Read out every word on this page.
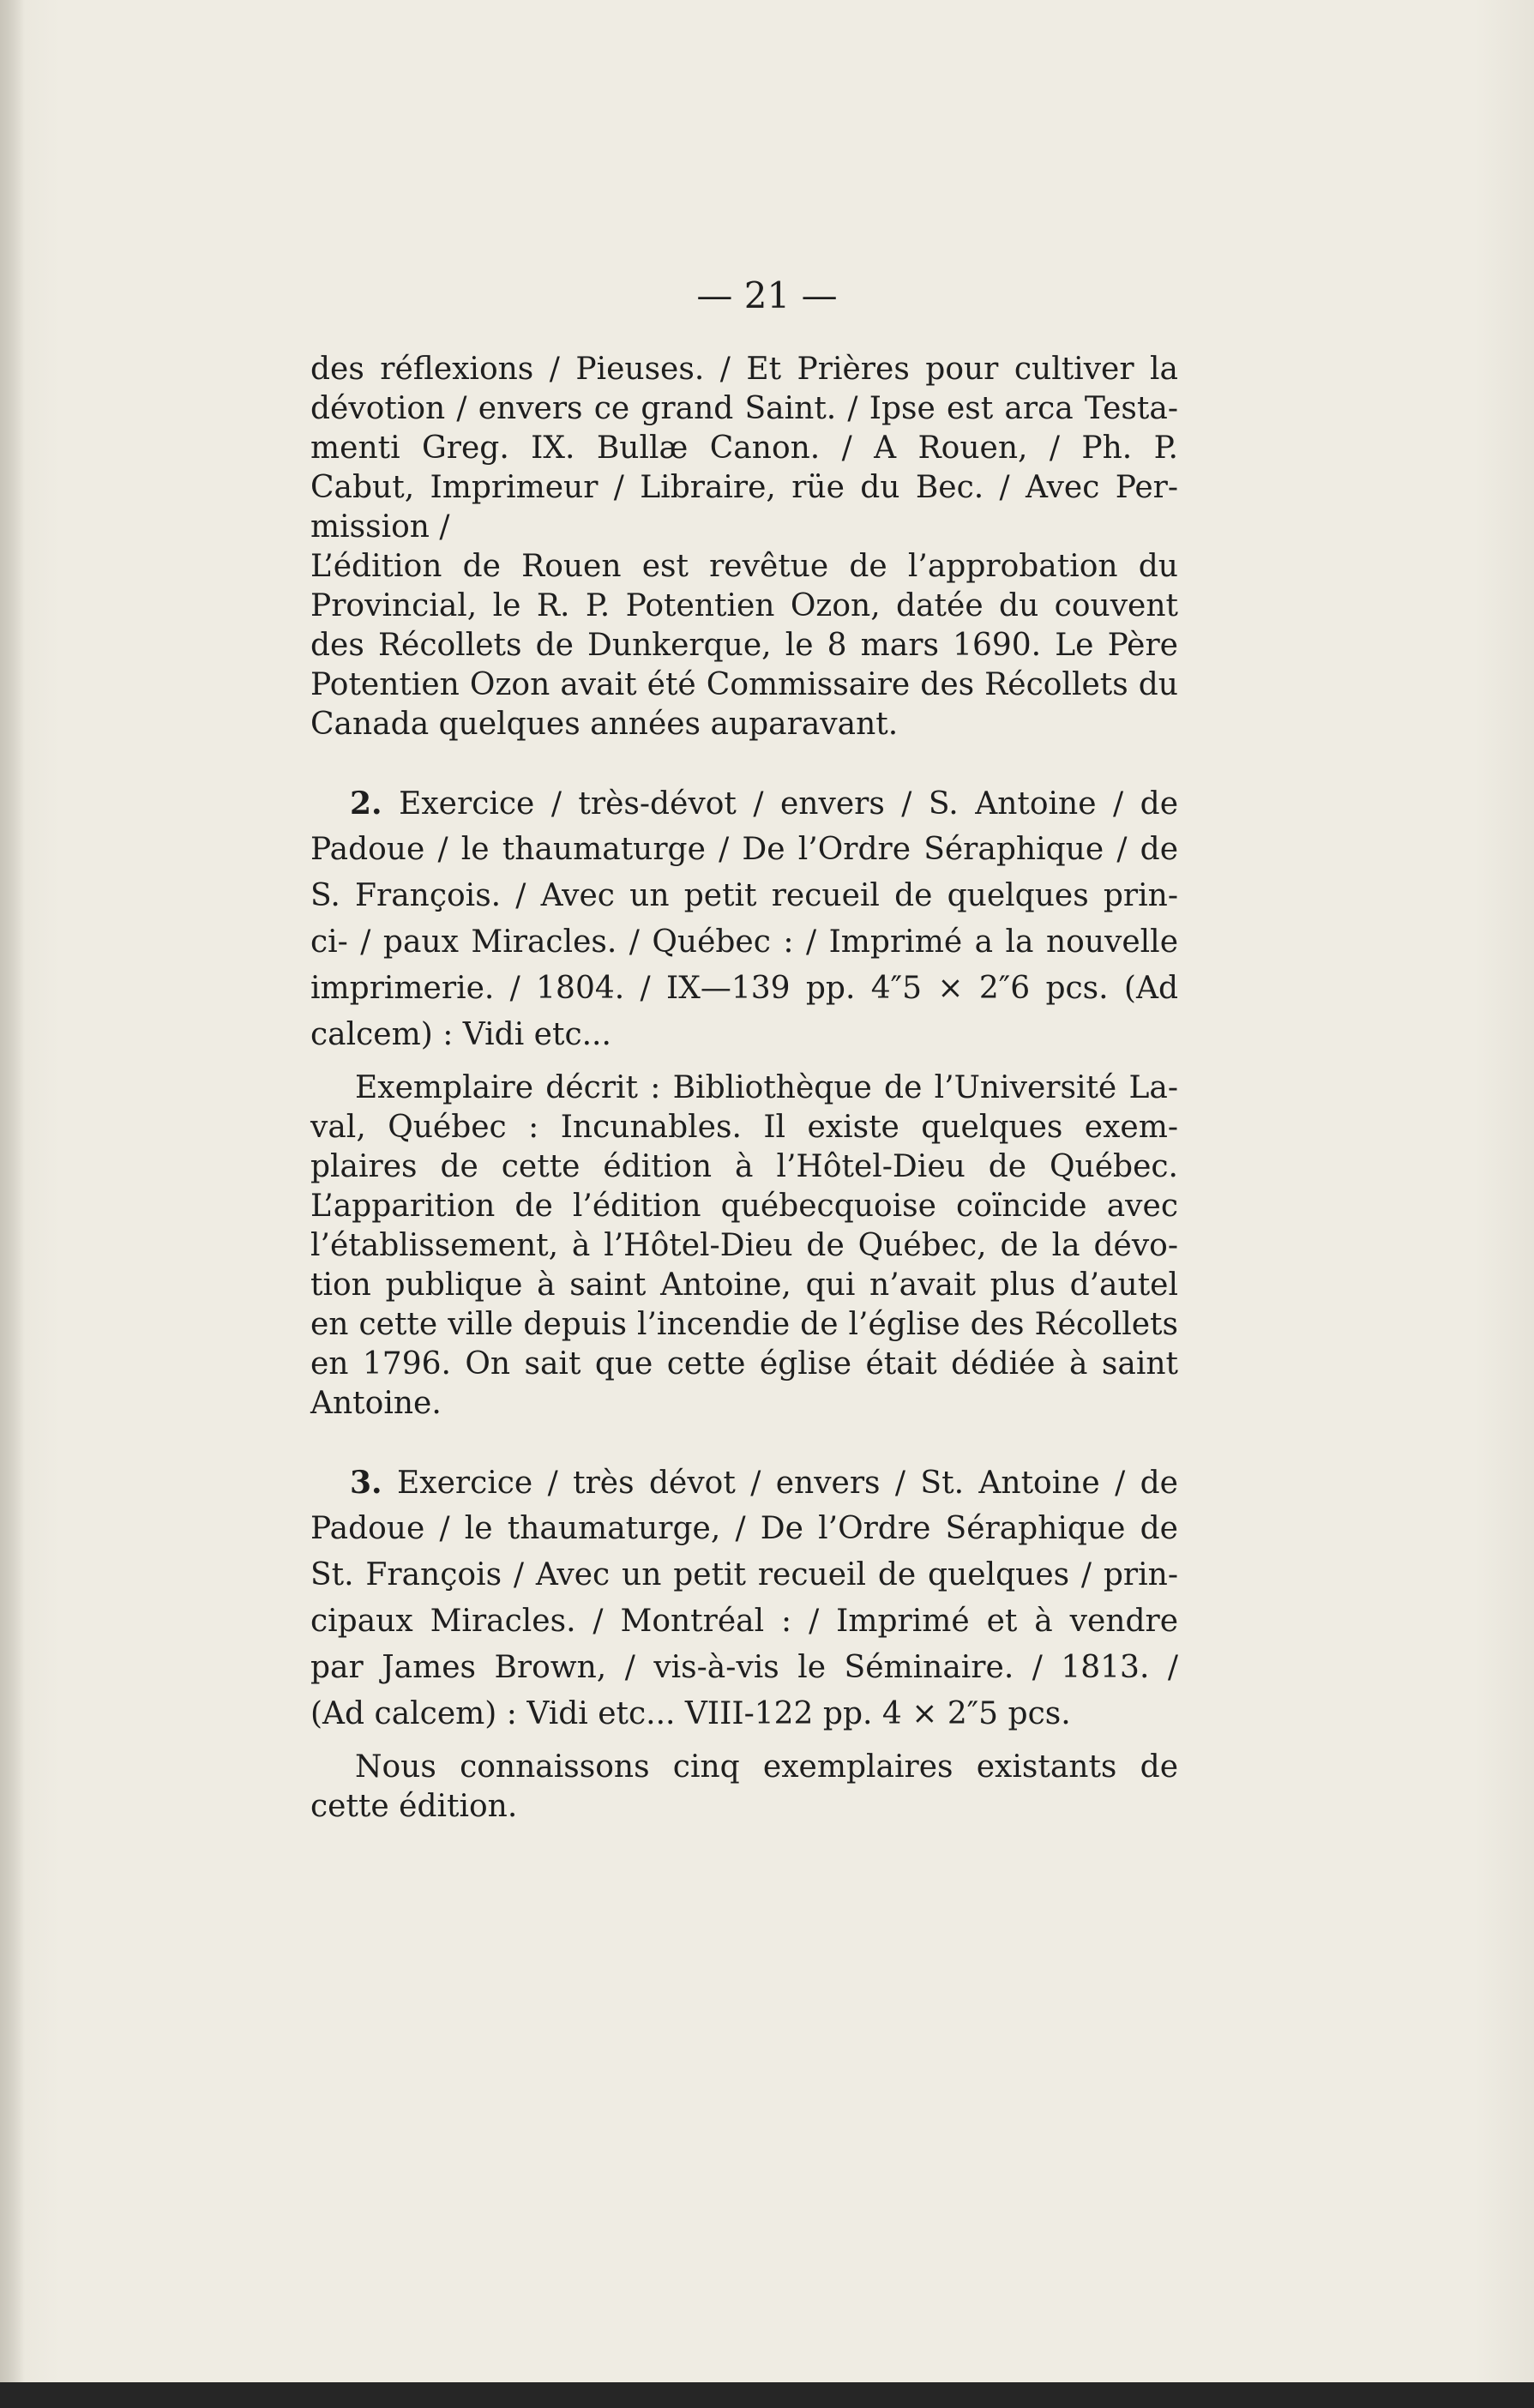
— 21 —
des réflexions / Pieuses. / Et Prières pour cultiver la
dévotion / envers ce grand Saint. / Ipse est arca Testa-
menti Greg. IX. Bullæ Canon. / A Rouen, / Ph. P.
Cabut, Imprimeur / Libraire, rüe du Bec. / Avec Per-
mission /
L’édition de Rouen est revêtue de l’approbation du
Provincial, le R. P. Potentien Ozon, datée du couvent
des Récollets de Dunkerque, le 8 mars 1690. Le Père
Potentien Ozon avait été Commissaire des Récollets du
Canada quelques années auparavant.
2. Exercice / très-dévot / envers / S. Antoine / de
Padoue / le thaumaturge / De l’Ordre Séraphique / de
S. François. / Avec un petit recueil de quelques prin-
ci- / paux Miracles. / Québec : / Imprimé a la nouvelle
imprimerie. / 1804. / IX—139 pp. 4″5 × 2″6 pcs. (Ad
calcem) : Vidi etc...
Exemplaire décrit : Bibliothèque de l’Université La-
val, Québec : Incunables. Il existe quelques exem-
plaires de cette édition à l’Hôtel-Dieu de Québec.
L’apparition de l’édition québecquoise coïncide avec
l’établissement, à l’Hôtel-Dieu de Québec, de la dévo-
tion publique à saint Antoine, qui n’avait plus d’autel
en cette ville depuis l’incendie de l’église des Récollets
en 1796. On sait que cette église était dédiée à saint
Antoine.
3. Exercice / très dévot / envers / St. Antoine / de
Padoue / le thaumaturge, / De l’Ordre Séraphique de
St. François / Avec un petit recueil de quelques / prin-
cipaux Miracles. / Montréal : / Imprimé et à vendre
par James Brown, / vis-à-vis le Séminaire. / 1813. /
(Ad calcem) : Vidi etc... VIII-122 pp. 4 × 2″5 pcs.
Nous connaissons cinq exemplaires existants de
cette édition.
